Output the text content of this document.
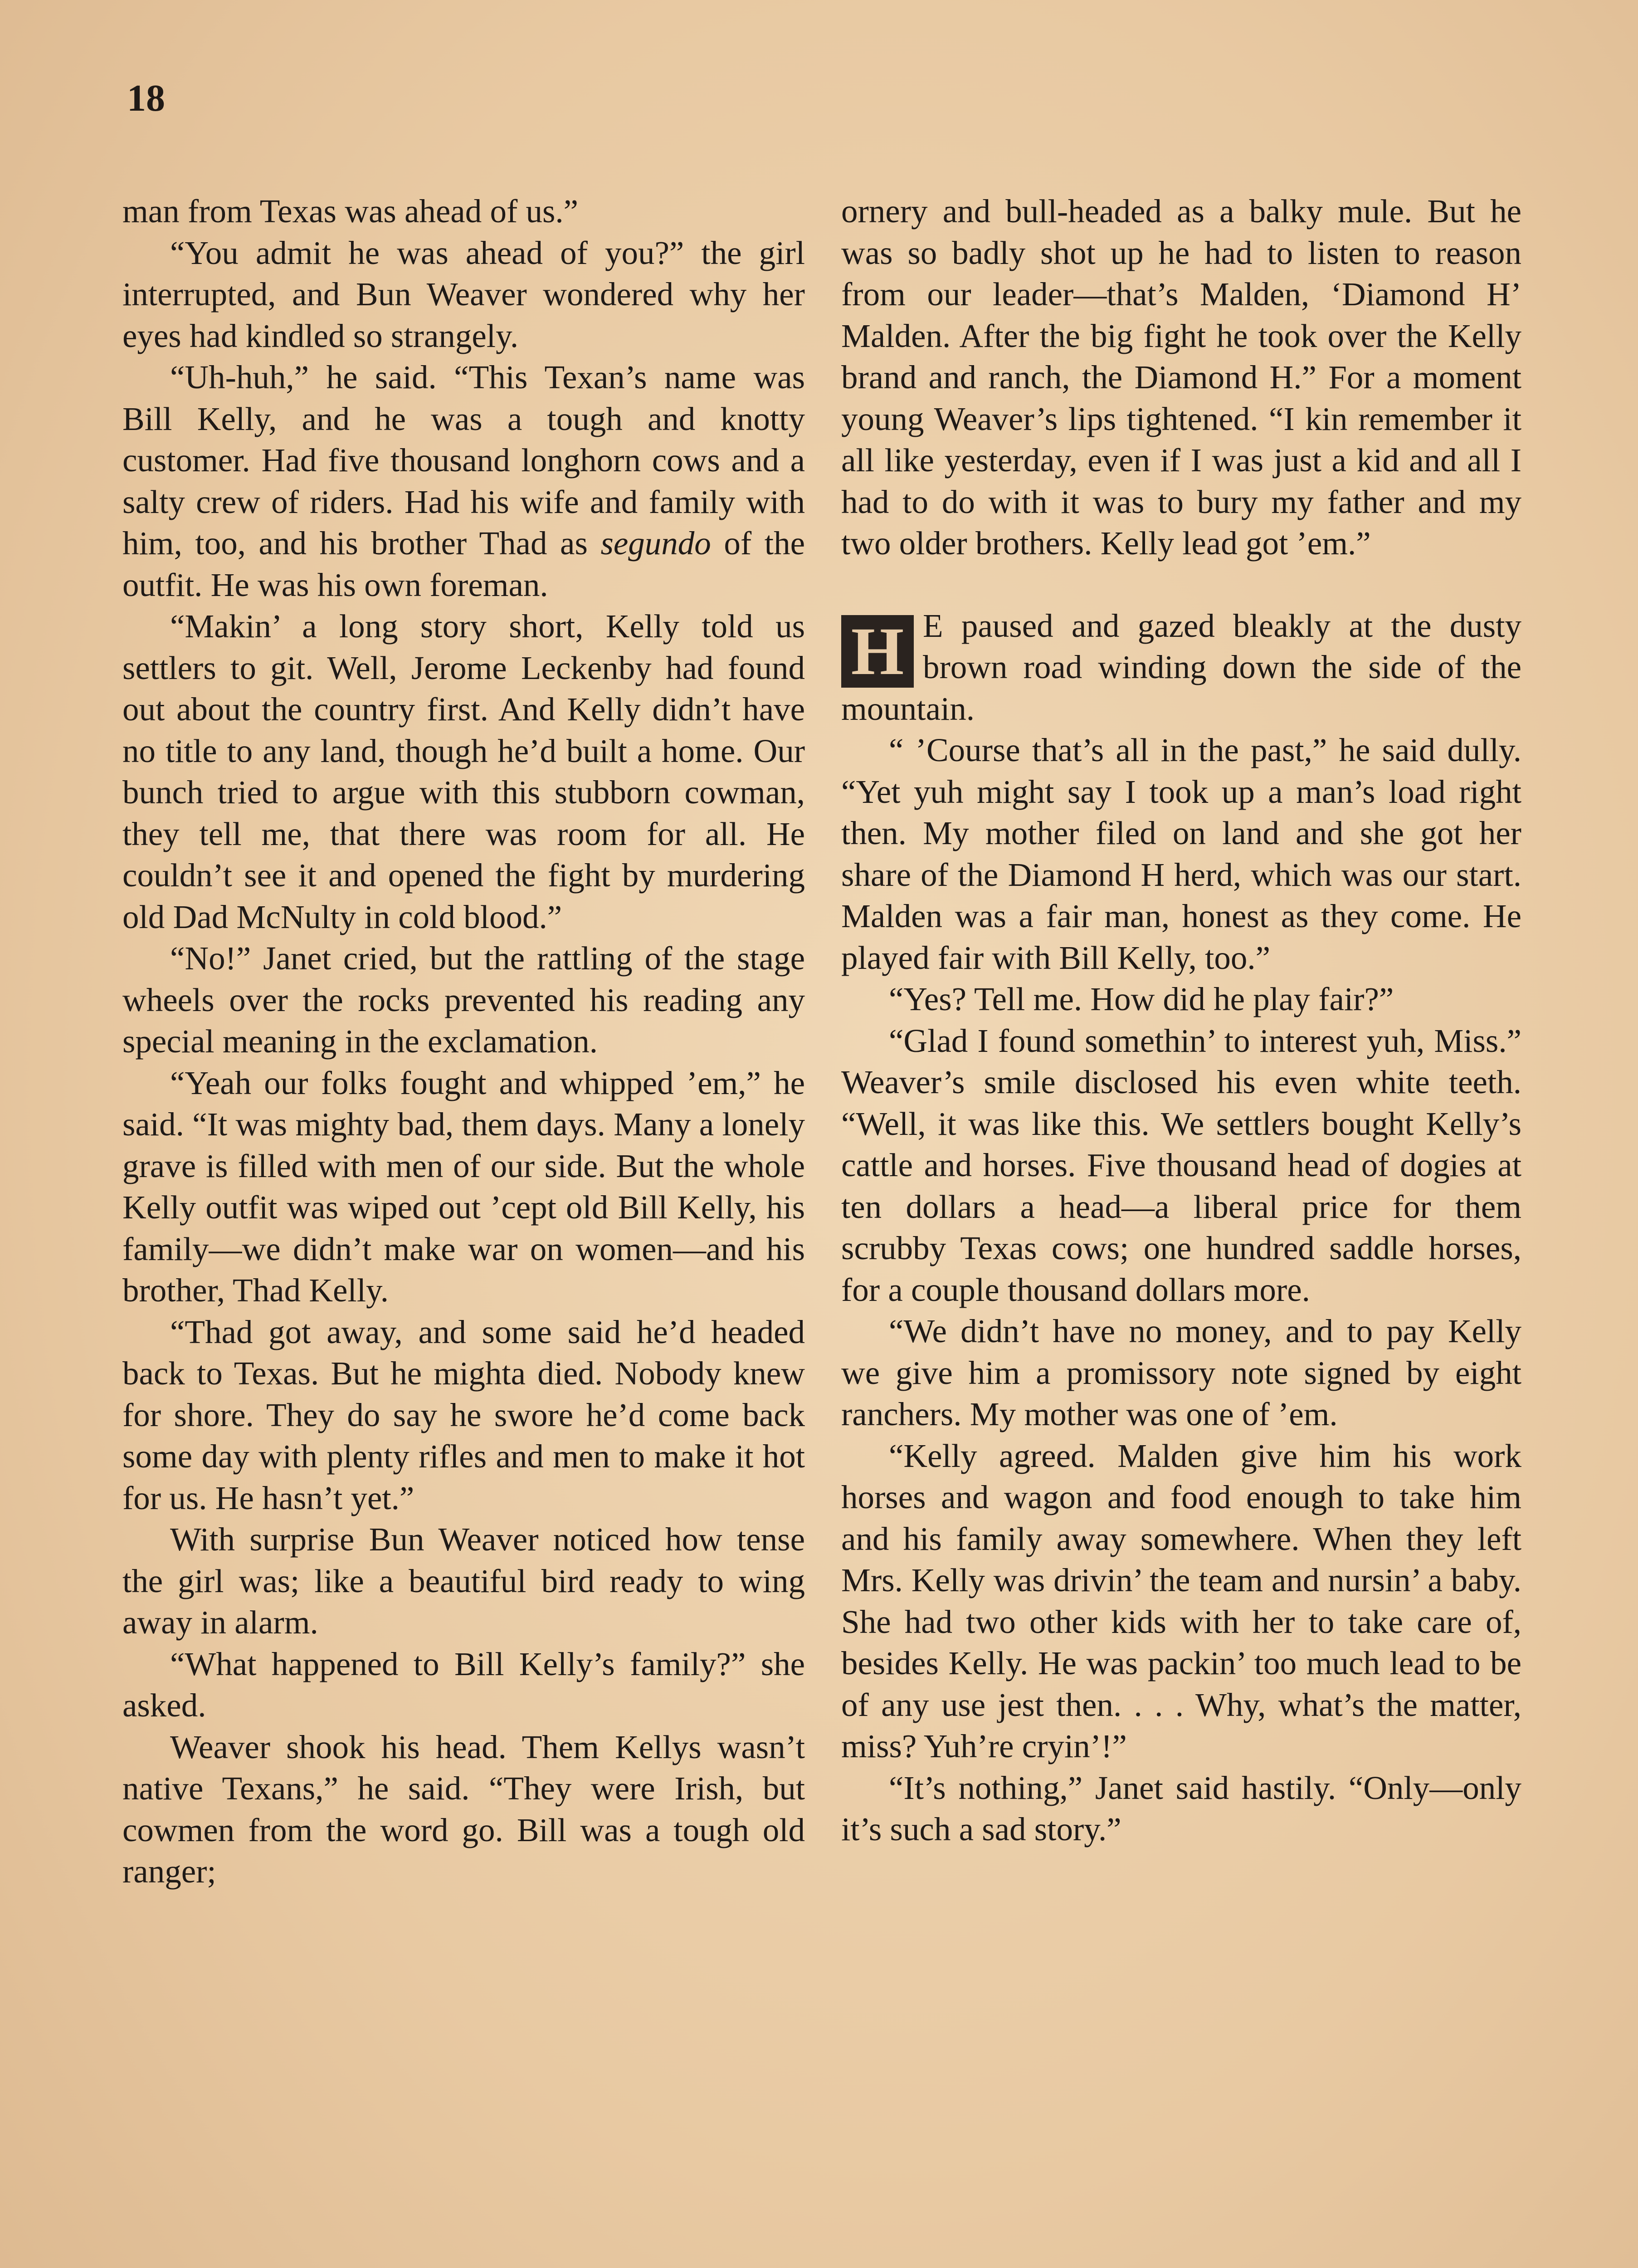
18

man from Texas was ahead of us.”

“You admit he was ahead of you?” the girl interrupted, and Bun Weaver wondered why her eyes had kindled so strangely.

“Uh-huh,” he said. “This Texan’s name was Bill Kelly, and he was a tough and knotty customer. Had five thousand longhorn cows and a salty crew of riders. Had his wife and family with him, too, and his brother Thad as segundo of the outfit. He was his own foreman.

“Makin’ a long story short, Kelly told us settlers to git. Well, Jerome Leckenby had found out about the country first. And Kelly didn’t have no title to any land, though he’d built a home. Our bunch tried to argue with this stubborn cowman, they tell me, that there was room for all. He couldn’t see it and opened the fight by murdering old Dad McNulty in cold blood.”

“No!” Janet cried, but the rattling of the stage wheels over the rocks prevented his reading any special meaning in the exclamation.

“Yeah our folks fought and whipped ’em,” he said. “It was mighty bad, them days. Many a lonely grave is filled with men of our side. But the whole Kelly outfit was wiped out ’cept old Bill Kelly, his family—we didn’t make war on women—and his brother, Thad Kelly.

“Thad got away, and some said he’d headed back to Texas. But he mighta died. Nobody knew for shore. They do say he swore he’d come back some day with plenty rifles and men to make it hot for us. He hasn’t yet.”

With surprise Bun Weaver noticed how tense the girl was; like a beautiful bird ready to wing away in alarm.

“What happened to Bill Kelly’s family?” she asked.

Weaver shook his head. Them Kellys wasn’t native Texans,” he said. “They were Irish, but cowmen from the word go. Bill was a tough old ranger;

ornery and bull-headed as a balky mule. But he was so badly shot up he had to listen to reason from our leader—that’s Malden, ‘Diamond H’ Malden. After the big fight he took over the Kelly brand and ranch, the Diamond H.” For a moment young Weaver’s lips tightened. “I kin remember it all like yesterday, even if I was just a kid and all I had to do with it was to bury my father and my two older brothers. Kelly lead got ’em.”

H E paused and gazed bleakly at the dusty brown road winding down the side of the mountain.

“ ’Course that’s all in the past,” he said dully. “Yet yuh might say I took up a man’s load right then. My mother filed on land and she got her share of the Diamond H herd, which was our start. Malden was a fair man, honest as they come. He played fair with Bill Kelly, too.”

“Yes? Tell me. How did he play fair?”

“Glad I found somethin’ to interest yuh, Miss.” Weaver’s smile disclosed his even white teeth. “Well, it was like this. We settlers bought Kelly’s cattle and horses. Five thousand head of dogies at ten dollars a head—a liberal price for them scrubby Texas cows; one hundred saddle horses, for a couple thousand dollars more.

“We didn’t have no money, and to pay Kelly we give him a promissory note signed by eight ranchers. My mother was one of ’em.

“Kelly agreed. Malden give him his work horses and wagon and food enough to take him and his family away somewhere. When they left Mrs. Kelly was drivin’ the team and nursin’ a baby. She had two other kids with her to take care of, besides Kelly. He was packin’ too much lead to be of any use jest then. . . . Why, what’s the matter, miss? Yuh’re cryin’!”

“It’s nothing,” Janet said hastily. “Only—only it’s such a sad story.”
